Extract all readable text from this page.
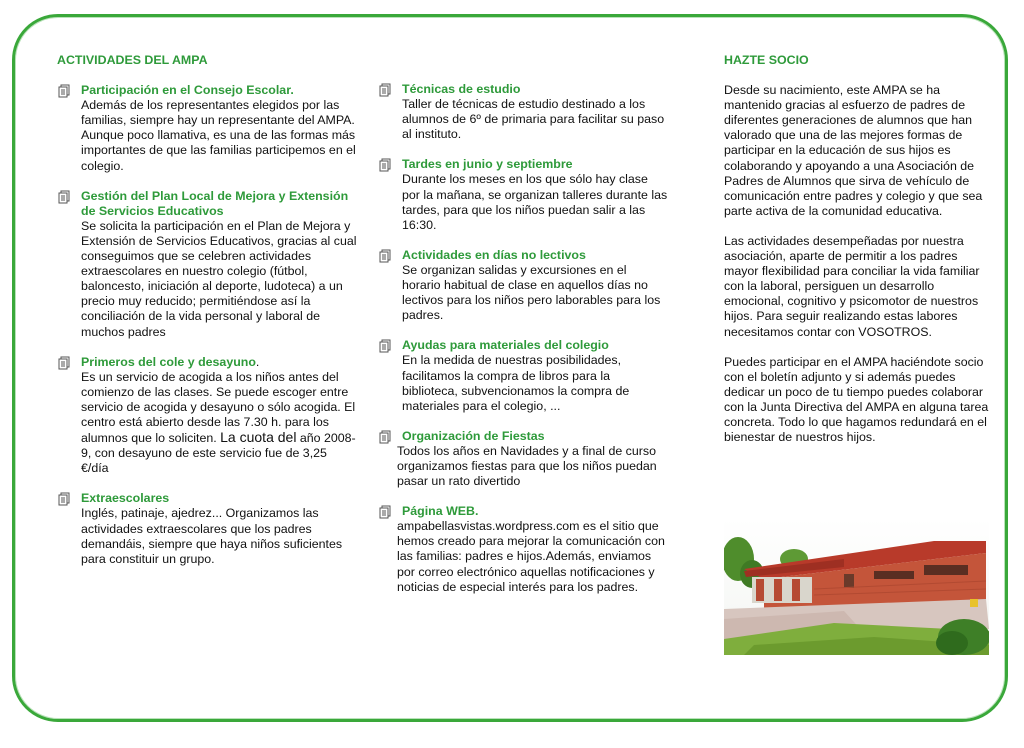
ACTIVIDADES DEL AMPA
Participación en el Consejo Escolar.
Además de los representantes elegidos por las familias, siempre hay un representante del AMPA. Aunque poco llamativa, es una de las formas más importantes de que las familias participemos en el colegio.
Gestión del Plan Local de Mejora y Extensión de Servicios Educativos
Se solicita la participación en el Plan de Mejora y Extensión de Servicios Educativos, gracias al cual conseguimos que se celebren actividades extraescolares en nuestro colegio (fútbol, baloncesto, iniciación al deporte, ludoteca) a un precio muy reducido; permitiéndose así la conciliación de la vida personal y laboral de muchos padres
Primeros del cole y desayuno.
Es un servicio de acogida a los niños antes del comienzo de las clases. Se puede escoger entre servicio de acogida y desayuno o sólo acogida. El centro está abierto desde las 7.30 h. para los alumnos que lo soliciten. La cuota del año 2008-9, con desayuno de este servicio fue de 3,25 €/día
Extraescolares
Inglés, patinaje, ajedrez... Organizamos las actividades extraescolares que los padres demandáis, siempre que haya niños suficientes para constituir un grupo.
Técnicas de estudio
Taller de técnicas de estudio destinado a los alumnos de 6º de primaria para facilitar su paso al instituto.
Tardes en junio y septiembre
Durante los meses en los que sólo hay clase por la mañana, se organizan talleres durante las tardes, para que los niños puedan salir a las 16:30.
Actividades en días no lectivos
Se organizan salidas y excursiones en el horario habitual de clase en aquellos días no lectivos para los niños pero laborables para los padres.
Ayudas para materiales del colegio
En la medida de nuestras posibilidades, facilitamos la compra de libros para la biblioteca, subvencionamos la compra de materiales para el colegio, ...
Organización de Fiestas
Todos los años en Navidades y a final de curso organizamos fiestas para que los niños puedan pasar un rato divertido
Página WEB.
ampabellasvistas.wordpress.com es el sitio que hemos creado para mejorar la comunicación con las familias: padres e hijos.Además, enviamos por correo electrónico aquellas notificaciones y noticias de especial interés para los padres.
HAZTE SOCIO

Desde su nacimiento, este AMPA se ha mantenido gracias al esfuerzo de padres de diferentes generaciones de alumnos que han valorado que una de las mejores formas de participar en la educación de sus hijos es colaborando y apoyando a una Asociación de Padres de Alumnos que sirva de vehículo de comunicación entre padres y colegio y que sea parte activa de la comunidad educativa.

Las actividades desempeñadas por nuestra asociación, aparte de permitir a los padres mayor flexibilidad para conciliar la vida familiar con la laboral, persiguen un desarrollo emocional, cognitivo y psicomotor de nuestros hijos. Para seguir realizando estas labores necesitamos contar con VOSOTROS.

Puedes participar en el AMPA haciéndote socio con el boletín adjunto y si además puedes dedicar un poco de tu tiempo puedes colaborar con la Junta Directiva del AMPA en alguna tarea concreta. Todo lo que hagamos redundará en el bienestar de nuestros hijos.
